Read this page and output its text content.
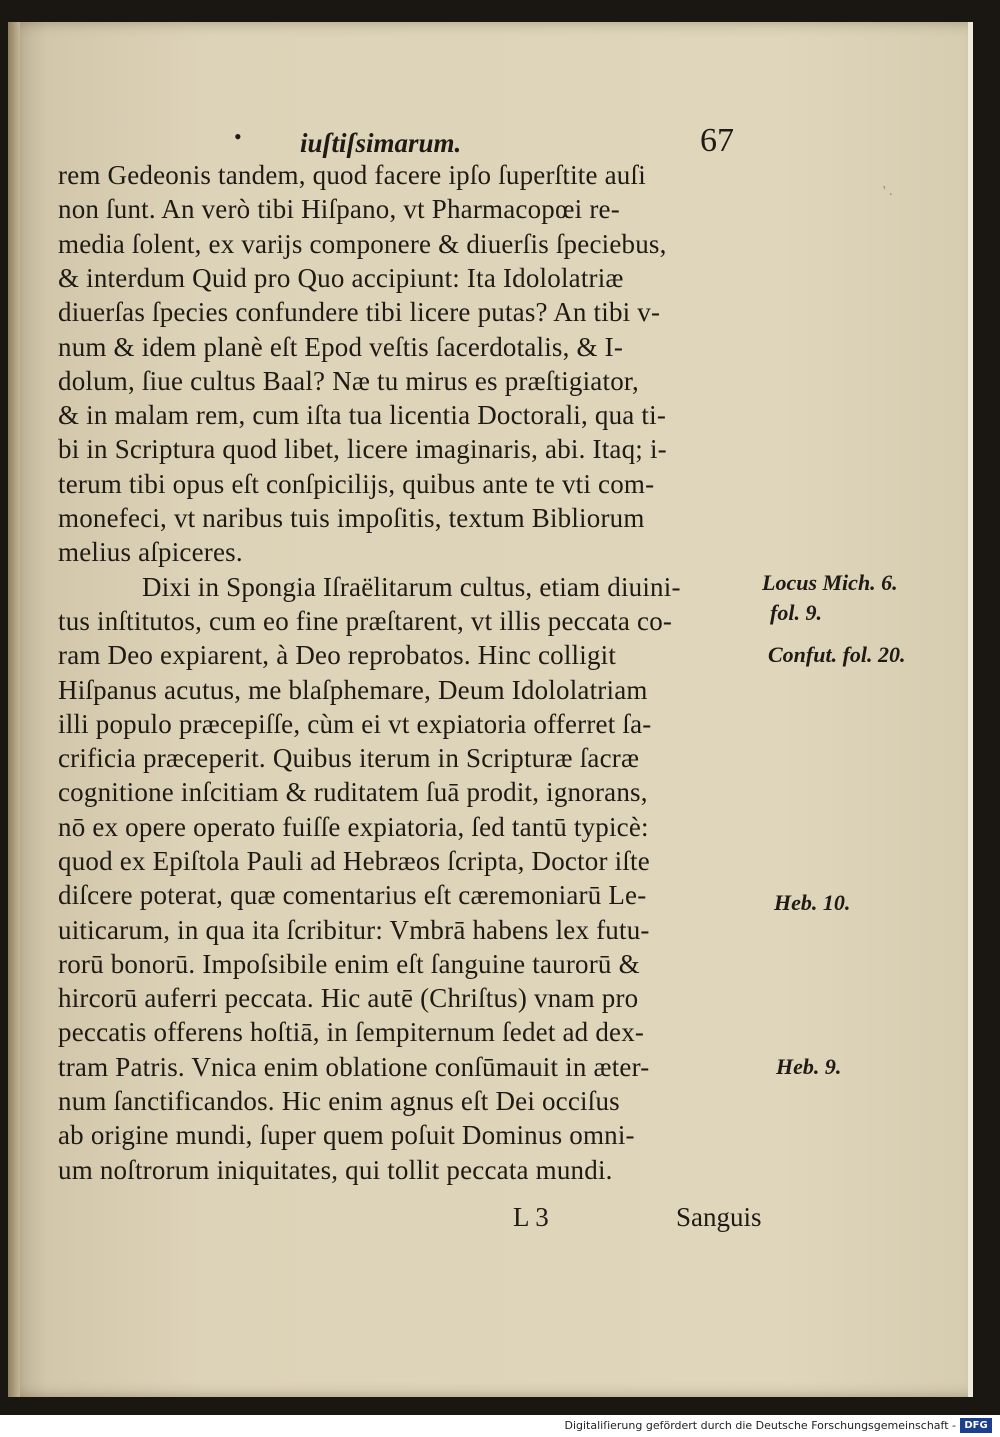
• iuſtiſsimarum.	67
' .
rem Gedeonis tandem, quod facere ipſo ſuperſtite auſi
non ſunt. An verò tibi Hiſpano, vt Pharmacopœi re-
media ſolent, ex varijs componere & diuerſis ſpeciebus,
& interdum Quid pro Quo accipiunt: Ita Idololatriæ
diuerſas ſpecies confundere tibi licere putas? An tibi v-
num & idem planè eſt Epod veſtis ſacerdotalis, & I-
dolum, ſiue cultus Baal? Næ tu mirus es præſtigiator,
& in malam rem, cum iſta tua licentia Doctorali, qua ti-
bi in Scriptura quod libet, licere imaginaris, abi. Itaq; i-
terum tibi opus eſt conſpicilijs, quibus ante te vti com-
monefeci, vt naribus tuis impoſitis, textum Bibliorum
melius aſpiceres.
Dixi in Spongia Iſraëlitarum cultus, etiam diuini-
tus inſtitutos, cum eo fine præſtarent, vt illis peccata co-
ram Deo expiarent, à Deo reprobatos. Hinc colligit
Hiſpanus acutus, me blaſphemare, Deum Idololatriam
illi populo præcepiſſe, cùm ei vt expiatoria offerret ſa-
crificia præceperit. Quibus iterum in Scripturæ ſacræ
cognitione inſcitiam & ruditatem ſuā prodit, ignorans,
nō ex opere operato fuiſſe expiatoria, ſed tantū typicè:
quod ex Epiſtola Pauli ad Hebræos ſcripta, Doctor iſte
diſcere poterat, quæ comentarius eſt cæremoniarū Le-
uiticarum, in qua ita ſcribitur: Vmbrā habens lex futu-
rorū bonorū. Impoſsibile enim eſt ſanguine taurorū &
hircorū auferri peccata. Hic autē (Chriſtus) vnam pro
peccatis offerens hoſtiā, in ſempiternum ſedet ad dex-
tram Patris. Vnica enim oblatione conſūmauit in æter-
num ſanctificandos. Hic enim agnus eſt Dei occiſus
ab origine mundi, ſuper quem poſuit Dominus omni-
um noſtrorum iniquitates, qui tollit peccata mundi.
Locus Mich. 6.
fol. 9.
Confut. fol. 20.
Heb. 10.
Heb. 9.
L 3	Sanguis
Digitaliſierung gefördert durch die Deutsche Forschungsgemeinschaft - DFG
